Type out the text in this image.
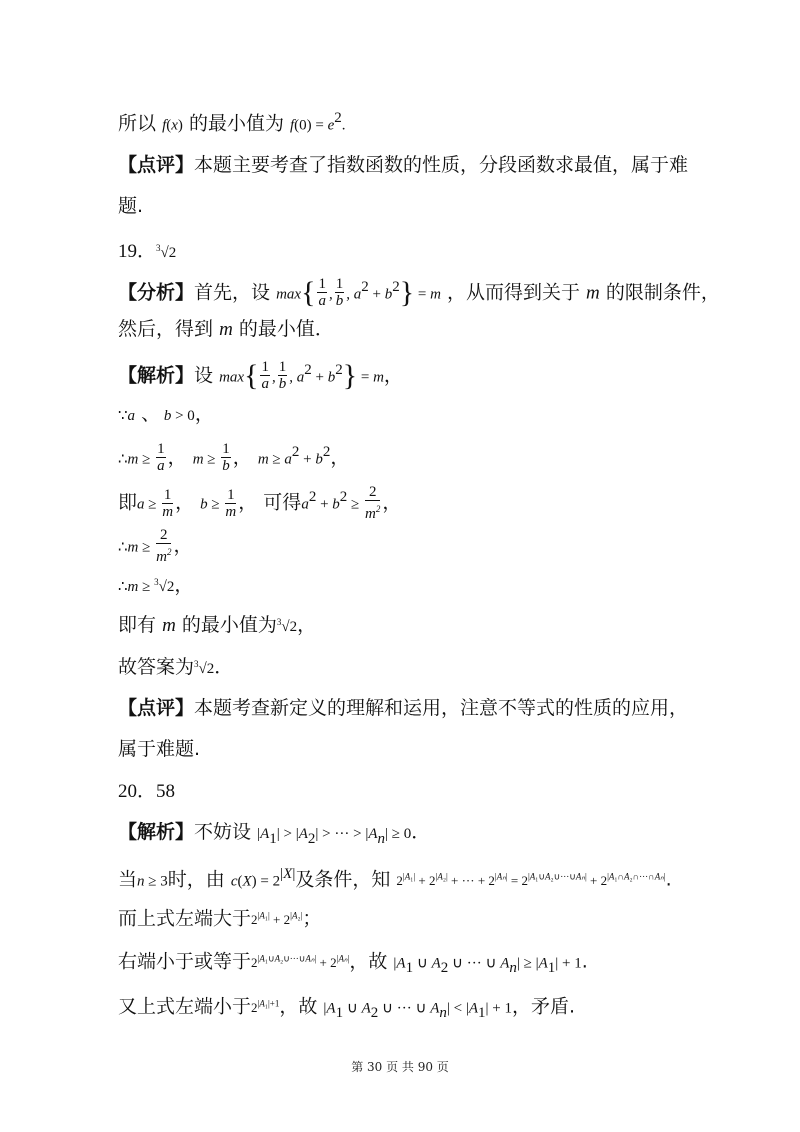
所以 f(x) 的最小值为 $f(0) = e^2$.
【点评】本题主要考查了指数函数的性质，分段函数求最值，属于难
题.
19．$^3$√2
【分析】首先，设 $\max\{ \frac{1}{a}$ , $\frac{1}{b}$ , $a^2 + b^2\} = m$ ，从而得到关于 m 的限制条件，
然后，得到 m 的最小值．
【解析】设 $\max\{ \frac{1}{a}$ , $\frac{1}{b}$ , $a^2 + b^2\} = m$，
∵a 、 b > 0，
∴m ≥ $\frac{1}{a}$ ， $m \ge \frac{1}{b}$ ， $m \ge a^2 + b^2$，
即$a \ge \frac{1}{m}$ ， $b \ge \frac{1}{m}$ ， 可得$a^2 + b^2 \ge \frac{2}{m^2}$ ，
∴m ≥ $\frac{2}{m^2}$ ，
∴m ≥ $^3$√2，
即有 m 的最小值为$^3$√2，
故答案为$^3$√2．
【点评】本题考查新定义的理解和运用，注意不等式的性质的应用，
属于难题.
20．58
【解析】不妨设 $|A_1| > |A_2|$ > ··· > $|A_n| \ge 0$．
当n ≥ 3时，由 $c(X) = 2^{|X|}$及条件，知 $2^{|A_1|} + 2^{|A_2|}$ + ··· + $2^{|A_n|} = 2^{|A_1\cup A_2\cup\cdot\cdot\cdot\cup A_n|} + 2^{|A_1\cap A_2\cap\cdot\cdot\cdot\cap A_n|}$.
而上式左端大于$2^{|A_1|} + 2^{|A_2|}$；
右端小于或等于$2^{|A_1\cup A_2\cup\cdot\cdot\cdot\cup A_n|} + 2^{|A_n|}$，故 $|A_1$ ∪ $A_2$ ∪ ··· ∪ $A_n| \ge |A_1| + 1$.
又上式左端小于$2^{|A_1|+1}$，故 $|A_1$ ∪ $A_2$ ∪ ··· ∪ $A_n| < |A_1| + 1$，矛盾.
第 30 页 共 90 页
